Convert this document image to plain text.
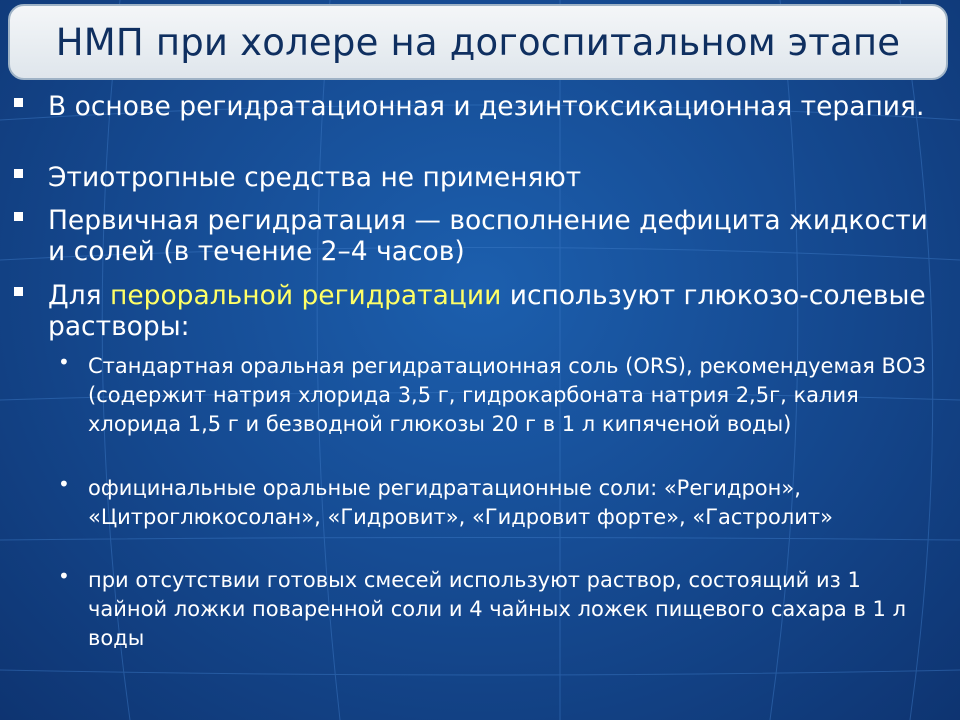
НМП при холере на догоспитальном этапе
В основе регидратационная и дезинтоксикационная терапия.
Этиотропные средства не применяют
Первичная регидратация — восполнение дефицита жидкости и солей (в течение 2–4 часов)
Для пероральной регидратации используют глюкозо-солевые растворы:
• Стандартная оральная регидратационная соль (ORS), рекомендуемая ВОЗ (содержит натрия хлорида 3,5 г, гидрокарбоната натрия 2,5г, калия хлорида 1,5 г и безводной глюкозы 20 г в 1 л кипяченой воды)
• официнальные оральные регидратационные соли: «Регидрон», «Цитроглюкосолан», «Гидровит», «Гидровит форте», «Гастролит»
• при отсутствии готовых смесей используют раствор, состоящий из 1 чайной ложки поваренной соли и 4 чайных ложек пищевого сахара в 1 л воды
